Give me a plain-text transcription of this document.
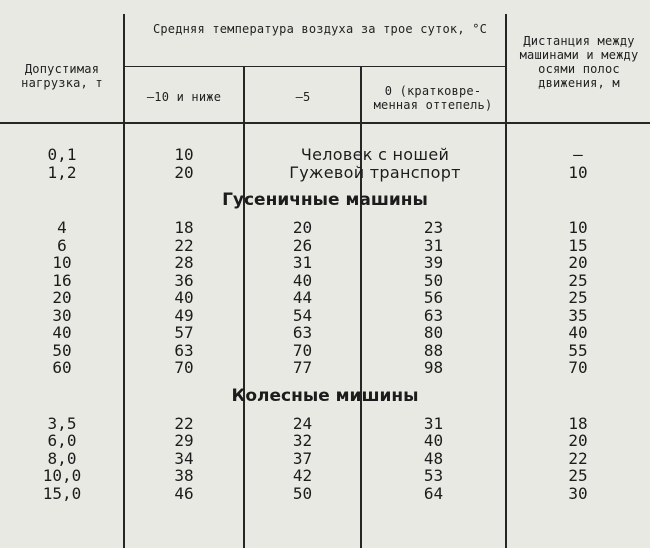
Допустимая нагрузка, т
Средняя температура воздуха за трое суток, °С
—10 и ниже	—5	0 (кратковре-менная оттепель)
Дистанция между машинами и между осями полос движения, м
0,1	10	Человек с ношей		—
1,2	20	Гужевой транспорт		10
Гусеничные машины				
4	18	20	23	10
6	22	26	31	15
10	28	31	39	20
16	36	40	50	25
20	40	44	56	25
30	49	54	63	35
40	57	63	80	40
50	63	70	88	55
60	70	77	98	70
Колесные мишины				
3,5	22	24	31	18
6,0	29	32	40	20
8,0	34	37	48	22
10,0	38	42	53	25
15,0	46	50	64	30
